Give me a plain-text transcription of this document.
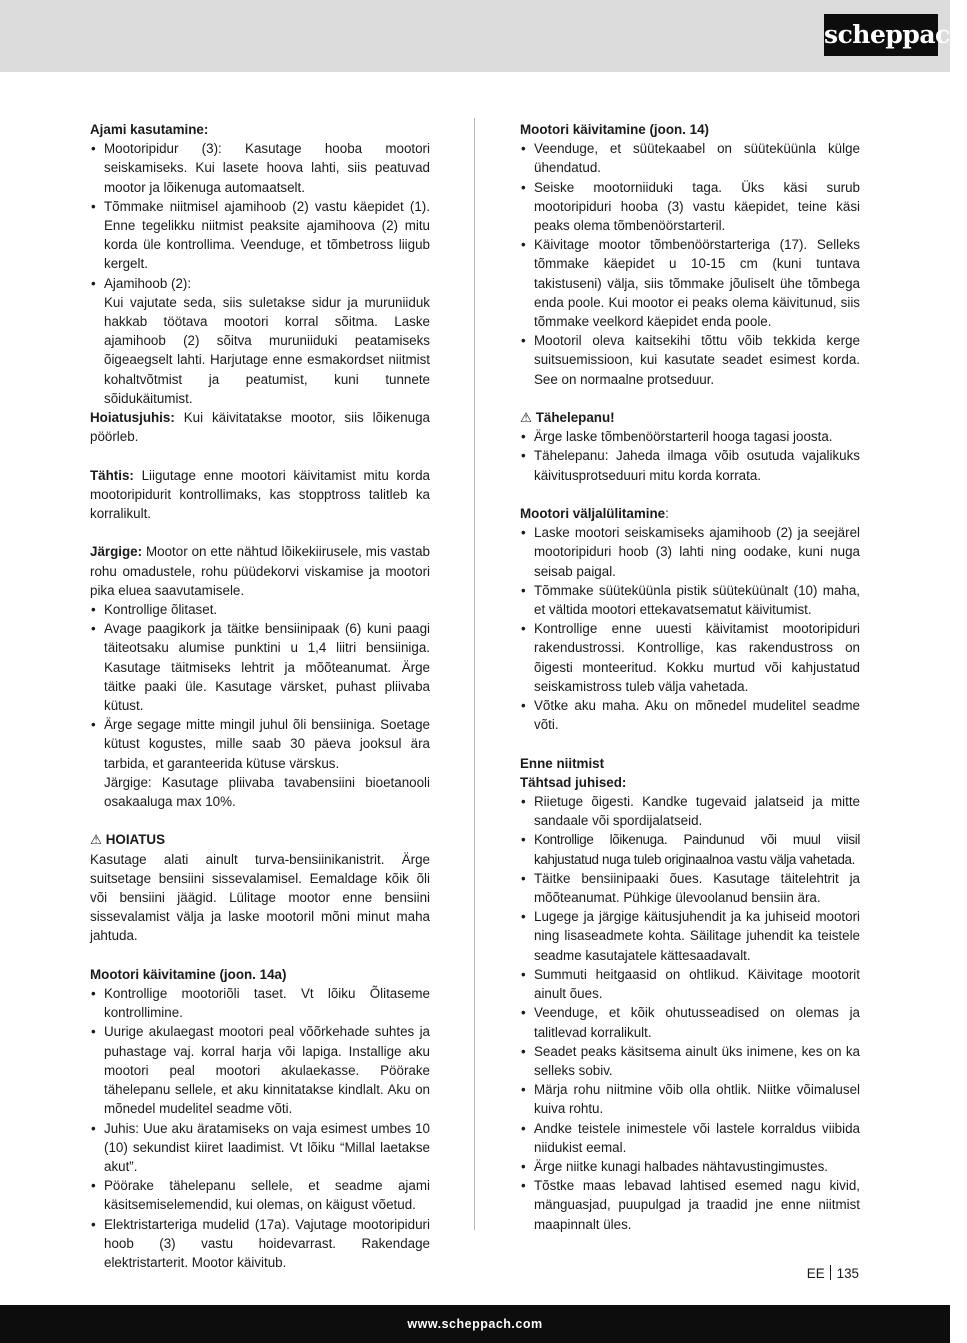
scheppach

Ajami kasutamine:

• Mootoripidur (3): Kasutage hooba mootori seiskamiseks. Kui lasete hoova lahti, siis peatuvad mootor ja lõikenuga automaatselt.
• Tõmmake niitmisel ajamihoob (2) vastu käepidet (1). Enne tegelikku niitmist peaksite ajamihoova (2) mitu korda üle kontrollima. Veenduge, et tõmbetross liigub kergelt.
• Ajamihoob (2):
Kui vajutate seda, siis suletakse sidur ja muruniiduk hakkab töötava mootori korral sõitma. Laske ajamihoob (2) sõitva muruniiduki peatamiseks õigeaegselt lahti. Harjutage enne esmakordset niitmist kohaltvõtmist ja peatumist, kuni tunnete sõidukäitumist.

Hoiatusjuhis: Kui käivitatakse mootor, siis lõikenuga pöörleb.

Tähtis: Liigutage enne mootori käivitamist mitu korda mootoripidurit kontrollimaks, kas stopptross talitleb ka korralikult.

Järgige: Mootor on ette nähtud lõikekiirusele, mis vastab rohu omadustele, rohu püüdekorvi viskamise ja mootori pika eluea saavutamisele.

• Kontrollige õlitaset.
• Avage paagikork ja täitke bensiinipaak (6) kuni paagi täiteotsaku alumise punktini u 1,4 liitri bensiiniga. Kasutage täitmiseks lehtrit ja mõõteanumat. Ärge täitke paaki üle. Kasutage värsket, puhast pliivaba kütust.
• Ärge segage mitte mingil juhul õli bensiiniga. Soetage kütust kogustes, mille saab 30 päeva jooksul ära tarbida, et garanteerida kütuse värskus.
Järgige: Kasutage pliivaba tavabensiini bioetanooli osakaaluga max 10%.

⚠ HOIATUS

Kasutage alati ainult turva-bensiinikanistrit. Ärge suitsetage bensiini sissevalamisel. Eemaldage kõik õli või bensiini jäägid. Lülitage mootor enne bensiini sissevalamist välja ja laske mootoril mõni minut maha jahtuda.

Mootori käivitamine (joon. 14a)

• Kontrollige mootoriõli taset. Vt lõiku Õlitaseme kontrollimine.
• Uurige akulaegast mootori peal võõrkehade suhtes ja puhastage vaj. korral harja või lapiga. Installige aku mootori peal mootori akulaekasse. Pöörake tähelepanu sellele, et aku kinnitatakse kindlalt. Aku on mõnedel mudelitel seadme võti.
• Juhis: Uue aku äratamiseks on vaja esimest umbes 10 (10) sekundist kiiret laadimist. Vt lõiku “Millal laetakse akut”.
• Pöörake tähelepanu sellele, et seadme ajami käsitsemiselemendid, kui olemas, on käigust võetud.
• Elektristarteriga mudelid (17a). Vajutage mootoripiduri hoob (3) vastu hoidevarrast. Rakendage elektristarterit. Mootor käivitub.

Mootori käivitamine (joon. 14)

• Veenduge, et süütekaabel on süüteküünla külge ühendatud.
• Seiske mootorniiduki taga. Üks käsi surub mootoripiduri hooba (3) vastu käepidet, teine käsi peaks olema tõmbenöörstarteril.
• Käivitage mootor tõmbenöörstarteriga (17). Selleks tõmmake käepidet u 10-15 cm (kuni tuntava takistuseni) välja, siis tõmmake jõuliselt ühe tõmbega enda poole. Kui mootor ei peaks olema käivitunud, siis tõmmake veelkord käepidet enda poole.
• Mootoril oleva kaitsekihi tõttu võib tekkida kerge suitsuemissioon, kui kasutate seadet esimest korda. See on normaalne protseduur.

⚠ Tähelepanu!

• Ärge laske tõmbenöörstarteril hooga tagasi joosta.
• Tähelepanu: Jaheda ilmaga võib osutuda vajalikuks käivitusprotseduuri mitu korda korrata.

Mootori väljalülitamine:

• Laske mootori seiskamiseks ajamihoob (2) ja seejärel mootoripiduri hoob (3) lahti ning oodake, kuni nuga seisab paigal.
• Tõmmake süüteküünla pistik süüteküünalt (10) maha, et vältida mootori ettekavatsematut käivitumist.
• Kontrollige enne uuesti käivitamist mootoripiduri rakendustrossi. Kontrollige, kas rakendustross on õigesti monteeritud. Kokku murtud või kahjustatud seiskamistross tuleb välja vahetada.
• Võtke aku maha. Aku on mõnedel mudelitel seadme võti.

Enne niitmist

Tähtsad juhised:

• Riietuge õigesti. Kandke tugevaid jalatseid ja mitte sandaale või spordijalatseid.
• Kontrollige lõikenuga. Paindunud või muul viisil kahjustatud nuga tuleb originaalnoa vastu välja vahetada.
• Täitke bensiinipaaki õues. Kasutage täitelehtrit ja mõõteanumat. Pühkige ülevoolanud bensiin ära.
• Lugege ja järgige käitusjuhendit ja ka juhiseid mootori ning lisaseadmete kohta. Säilitage juhendit ka teistele seadme kasutajatele kättesaadavalt.
• Summuti heitgaasid on ohtlikud. Käivitage mootorit ainult õues.
• Veenduge, et kõik ohutusseadised on olemas ja talitlevad korralikult.
• Seadet peaks käsitsema ainult üks inimene, kes on ka selleks sobiv.
• Märja rohu niitmine võib olla ohtlik. Niitke võimalusel kuiva rohtu.
• Andke teistele inimestele või lastele korraldus viibida niidukist eemal.
• Ärge niitke kunagi halbades nähtavustingimustes.
• Tõstke maas lebavad lahtised esemed nagu kivid, mänguasjad, puupulgad ja traadid jne enne niitmist maapinnalt üles.
EE 135
www.scheppach.com
